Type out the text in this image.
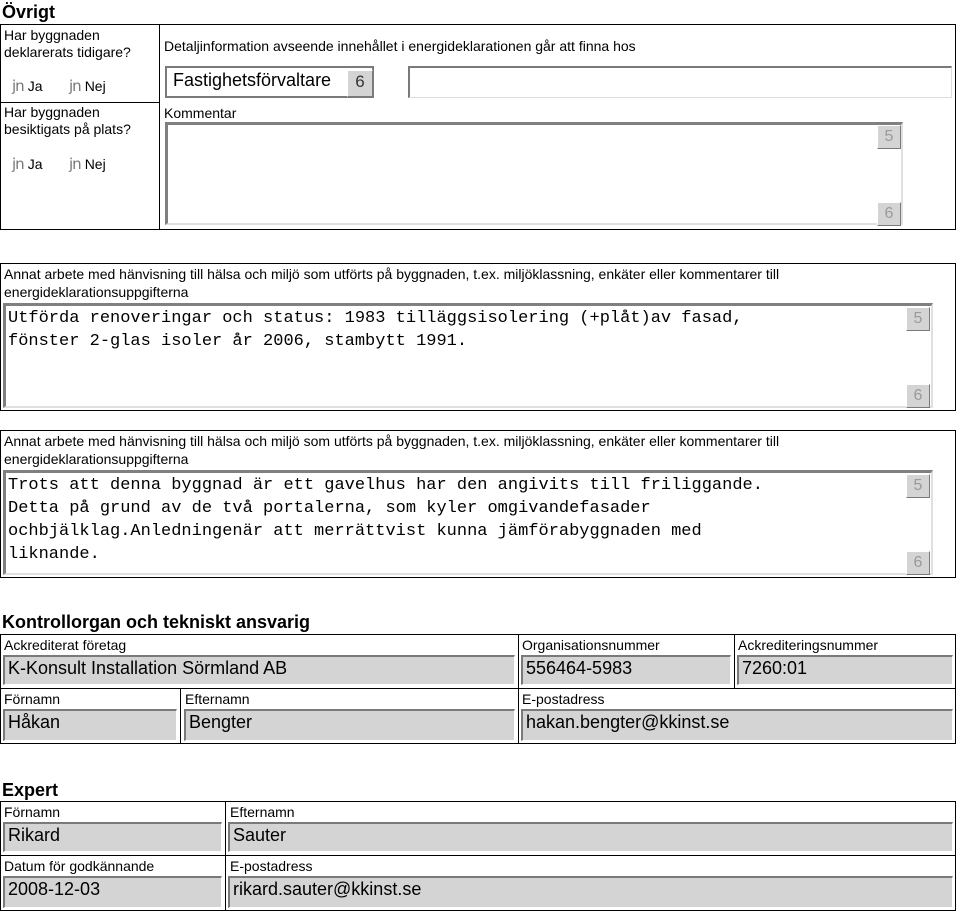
Övrigt
Har byggnaden deklarerats tidigare?
jn Ja jn Nej
Har byggnaden besiktigats på plats?
jn Ja jn Nej
Detaljinformation avseende innehållet i energideklarationen går att finna hos
Fastighetsförvaltare	6
Kommentar
5
6
Annat arbete med hänvisning till hälsa och miljö som utförts på byggnaden, t.ex. miljöklassning, enkäter eller kommentarer till energideklarationsuppgifterna
Utförda renoveringar och status: 1983 tilläggsisolering (+plåt)av fasad,
fönster 2-glas isoler år 2006, stambytt 1991.
5
6
Annat arbete med hänvisning till hälsa och miljö som utförts på byggnaden, t.ex. miljöklassning, enkäter eller kommentarer till energideklarationsuppgifterna
Trots att denna byggnad är ett gavelhus har den angivits till friliggande.
Detta på grund av de två portalerna, som kyler omgivandefasader
ochbjälklag.Anledningenär att merrättvist kunna jämförabyggnaden med
liknande.
5
6
Kontrollorgan och tekniskt ansvarig
Ackrediterat företag
K-Konsult Installation Sörmland AB
Organisationsnummer
556464-5983
Ackrediteringsnummer
7260:01
Förnamn
Håkan
Efternamn
Bengter
E-postadress
hakan.bengter@kkinst.se
Expert
Förnamn
Rikard
Efternamn
Sauter
Datum för godkännande
2008-12-03
E-postadress
rikard.sauter@kkinst.se
